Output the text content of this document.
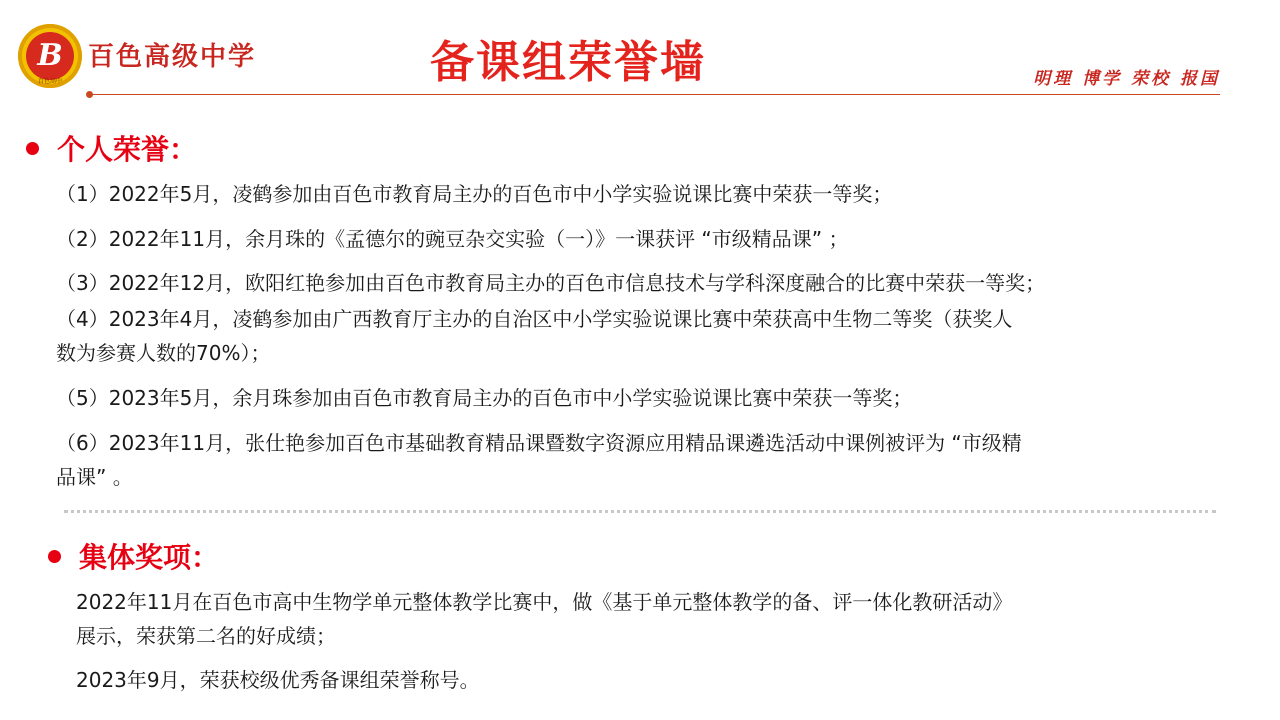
B
百色高中
百色高级中学	备课组荣誉墙	明理 博学 荣校 报国
个人荣誉：
（1）2022年5月，凌鹤参加由百色市教育局主办的百色市中小学实验说课比赛中荣获一等奖；
（2）2022年11月，余月珠的《孟德尔的豌豆杂交实验（一）》一课获评 “市级精品课” ；
（3）2022年12月，欧阳红艳参加由百色市教育局主办的百色市信息技术与学科深度融合的比赛中荣获一等奖；
（4）2023年4月，凌鹤参加由广西教育厅主办的自治区中小学实验说课比赛中荣获高中生物二等奖（获奖人
数为参赛人数的70%）；
（5）2023年5月，余月珠参加由百色市教育局主办的百色市中小学实验说课比赛中荣获一等奖；
（6）2023年11月，张仕艳参加百色市基础教育精品课暨数字资源应用精品课遴选活动中课例被评为 “市级精
品课” 。
集体奖项：
2022年11月在百色市高中生物学单元整体教学比赛中，做《基于单元整体教学的备、评一体化教研活动》
展示，荣获第二名的好成绩；
2023年9月，荣获校级优秀备课组荣誉称号。
